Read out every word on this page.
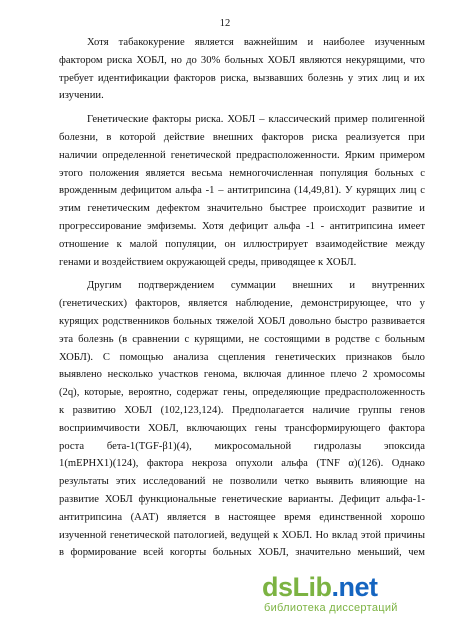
12
Хотя табакокурение является важнейшим и наиболее изученным
фактором риска ХОБЛ, но до 30% больных ХОБЛ являются некурящими, что
требует идентификации факторов риска, вызвавших болезнь у этих лиц и их
изучении.
Генетические факторы риска. ХОБЛ – классический пример полигенной
болезни, в которой действие внешних факторов риска реализуется при
наличии определенной генетической предрасположенности. Ярким примером
этого положения является весьма немногочисленная популяция больных с
врожденным дефицитом альфа -1 – антитрипсина (14,49,81). У курящих лиц с
этим генетическим дефектом значительно быстрее происходит развитие и
прогрессирование эмфиземы. Хотя дефицит альфа -1 - антитрипсина имеет
отношение к малой популяции, он иллюстрирует взаимодействие между
генами и воздействием окружающей среды, приводящее к ХОБЛ.
Другим подтверждением суммации внешних и внутренних
(генетических) факторов, является наблюдение, демонстрирующее, что у
курящих родственников больных тяжелой ХОБЛ довольно быстро развивается
эта болезнь (в сравнении с курящими, не состоящими в родстве с больным
ХОБЛ). С помощью анализа сцепления генетических признаков было
выявлено несколько участков генома, включая длинное плечо 2 хромосомы
(2q), которые, вероятно, содержат гены, определяющие предрасположенность
к развитию ХОБЛ (102,123,124). Предполагается наличие группы генов
восприимчивости ХОБЛ, включающих гены трансформирующего фактора
роста бета-1(TGF-β1)(4), микросомальной гидролазы эпоксида
1(mEPHX1)(124), фактора некроза опухоли альфа (TNF α)(126). Однако
результаты этих исследований не позволили четко выявить влияющие на
развитие ХОБЛ функциональные генетические варианты. Дефицит альфа-1-
антитрипсина (ААТ) является в настоящее время единственной хорошо
изученной генетической патологией, ведущей к ХОБЛ. Но вклад этой причины
в формирование всей когорты больных ХОБЛ, значительно меньший, чем
dsLib.net
библиотека диссертаций
